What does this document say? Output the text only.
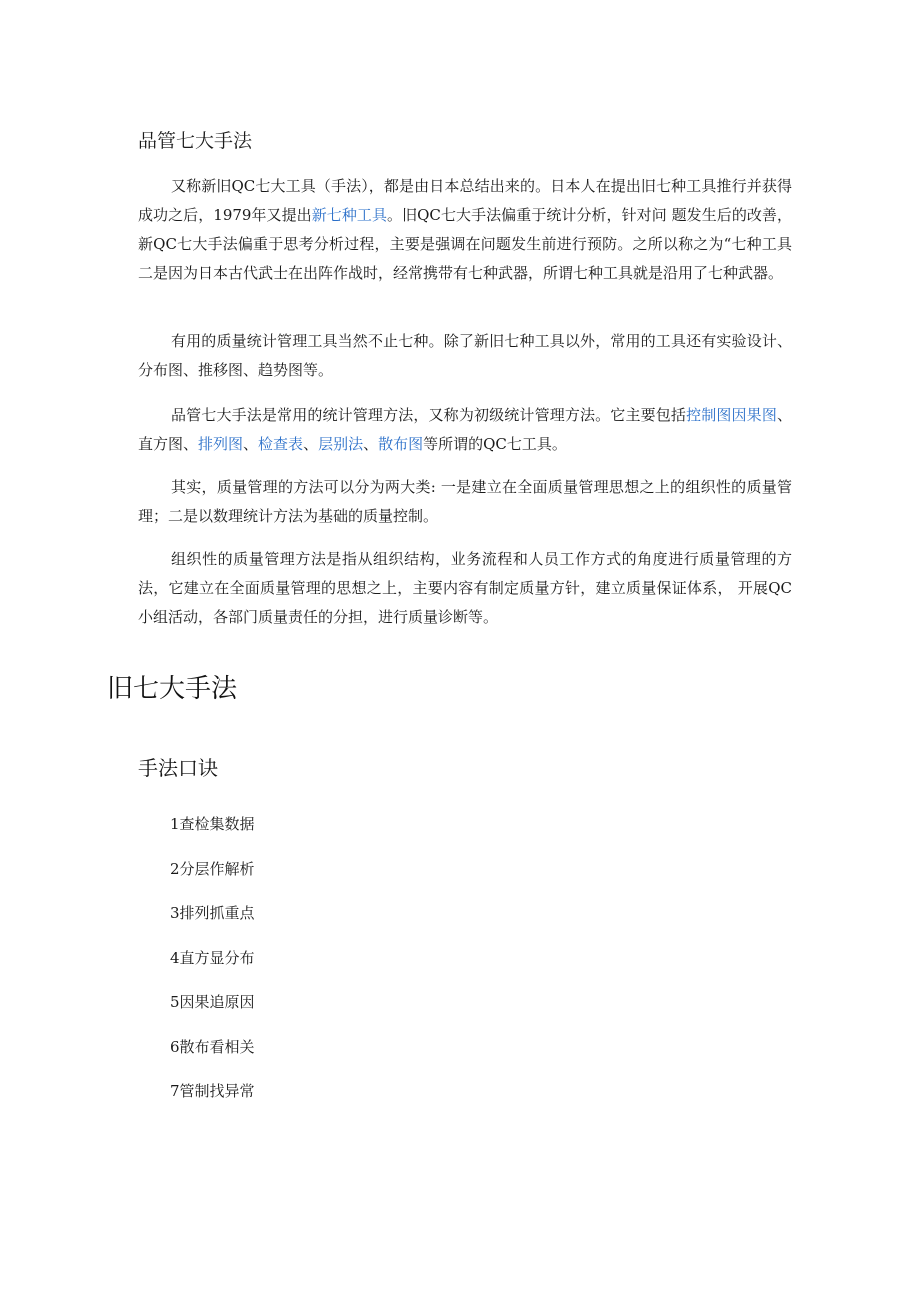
品管七大手法

又称新旧QC七大工具（手法），都是由日本总结出来的。日本人在提出旧七种工具推行并获得成功之后，1979年又提出新七种工具。旧QC七大手法偏重于统计分析，针对问 题发生后的改善，新QC七大手法偏重于思考分析过程，主要是强调在问题发生前进行预防。之所以称之为“七种工具二是因为日本古代武士在出阵作战时，经常携带有七种武器，所谓七种工具就是沿用了七种武器。

有用的质量统计管理工具当然不止七种。除了新旧七种工具以外，常用的工具还有实验设计、分布图、推移图、趋势图等。

品管七大手法是常用的统计管理方法，又称为初级统计管理方法。它主要包括控制图因果图、直方图、排列图、检查表、层别法、散布图等所谓的QC七工具。

其实，质量管理的方法可以分为两大类: 一是建立在全面质量管理思想之上的组织性的质量管理；二是以数理统计方法为基础的质量控制。

组织性的质量管理方法是指从组织结构，业务流程和人员工作方式的角度进行质量管理的方法，它建立在全面质量管理的思想之上，主要内容有制定质量方针，建立质量保证体系， 开展QC小组活动，各部门质量责任的分担，进行质量诊断等。

旧七大手法
手法口诀
1查检集数据
2分层作解析
3排列抓重点
4直方显分布
5因果追原因
6散布看相关
7管制找异常
